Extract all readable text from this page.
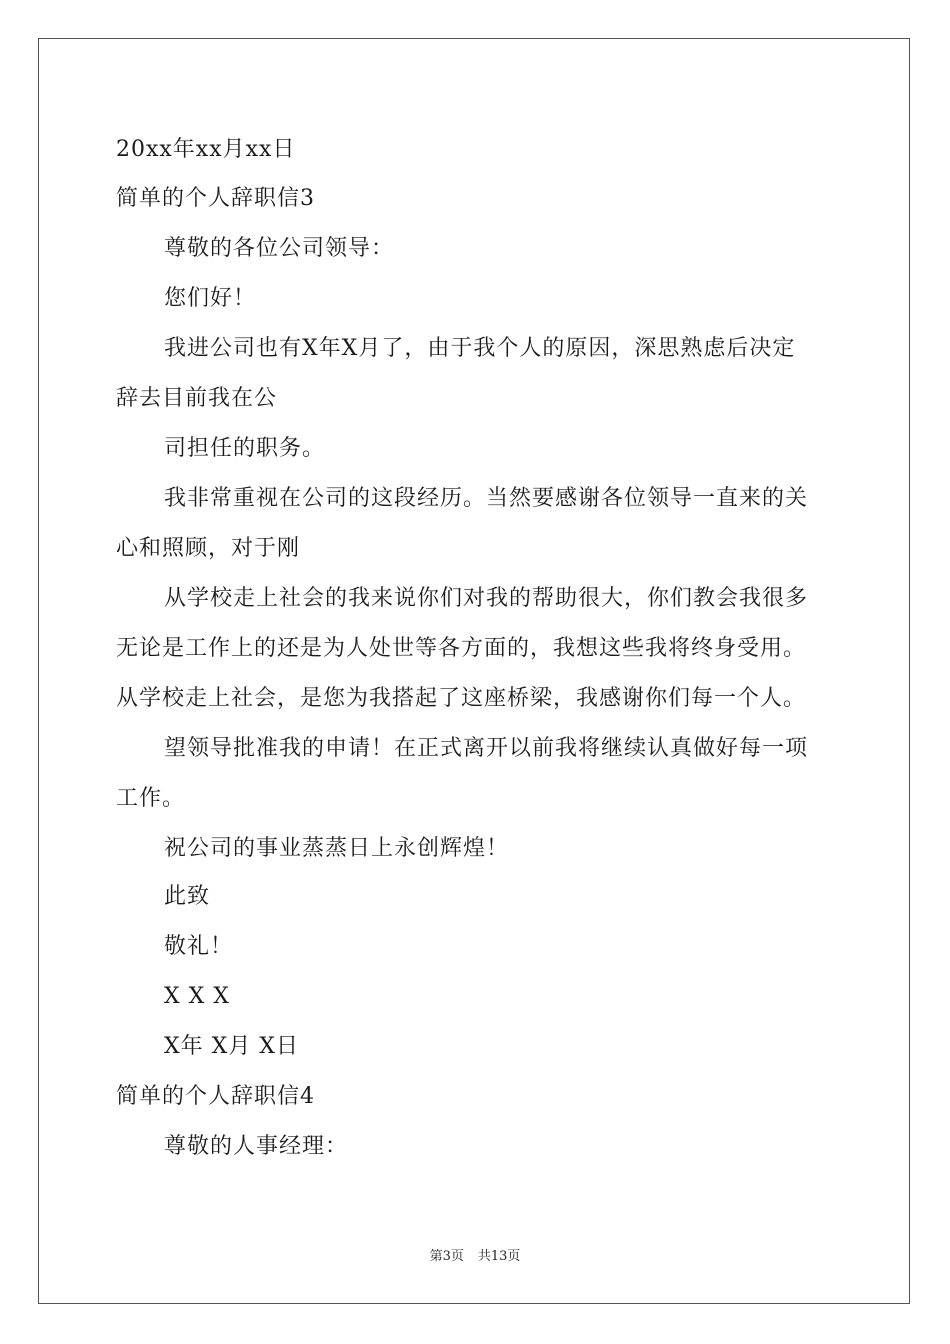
20xx年xx月xx日
简单的个人辞职信3
尊敬的各位公司领导：
您们好！
我进公司也有X年X月了，由于我个人的原因，深思熟虑后决定
辞去目前我在公
司担任的职务。
我非常重视在公司的这段经历。当然要感谢各位领导一直来的关
心和照顾，对于刚
从学校走上社会的我来说你们对我的帮助很大，你们教会我很多
无论是工作上的还是为人处世等各方面的，我想这些我将终身受用。
从学校走上社会，是您为我搭起了这座桥梁，我感谢你们每一个人。
望领导批准我的申请！在正式离开以前我将继续认真做好每一项
工作。
祝公司的事业蒸蒸日上永创辉煌！
此致
敬礼！
X X X
X年 X月 X日
简单的个人辞职信4
尊敬的人事经理：
第3页 共13页
